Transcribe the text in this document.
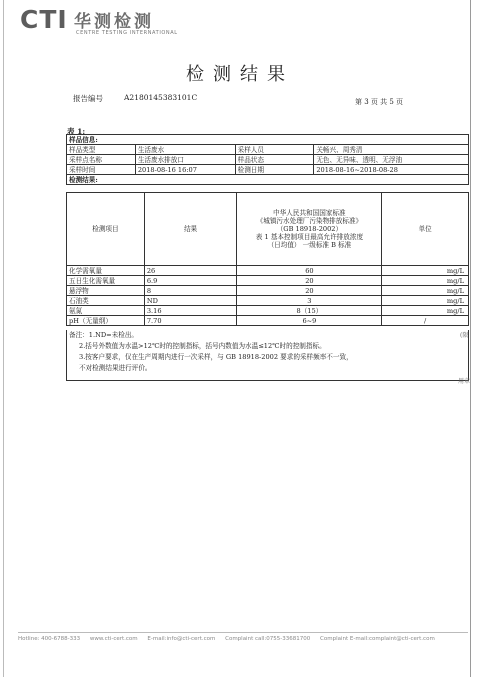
CTI 华测检测
CENTRE TESTING INTERNATIONAL
检测结果
报告编号	A2180145383101C	第 3 页 共 5 页
表 1:
样品信息:			
样品类型	生活废水	采样人员	关畅兴、周秀清
采样点名称	生活废水排放口	样品状态	无色、无异味、透明、无浮油
采样时间	2018-08-16 16:07	检测日期	2018-08-16~2018-08-28
检测结果:			
检测项目	结果	中华人民共和国国家标准
《城镇污水处理厂污染物排放标准》
（GB 18918-2002）
表 1 基本控制项目最高允许排放浓度
（日均值） 一级标准 B 标准	单位
化学需氧量	26	60	mg/L
五日生化需氧量	6.9	20	mg/L
悬浮物	8	20	mg/L
石油类	ND	3	mg/L
氨氮	3.16	8（15）	mg/L
pH（无量纲）	7.70	6~9	/
备注：1.ND=未检出。
2.括号外数值为水温>12℃时的控制指标，括号内数值为水温≤12℃时的控制指标。
3.按客户要求，仅在生产周期内进行一次采样，与 GB 18918-2002 要求的采样频率不一致，
不对检测结果进行评价。
(限
用章
Hotline: 400-6788-333 www.cti-cert.com E-mail:info@cti-cert.com Complaint call:0755-33681700 Complaint E-mail:complaint@cti-cert.com
